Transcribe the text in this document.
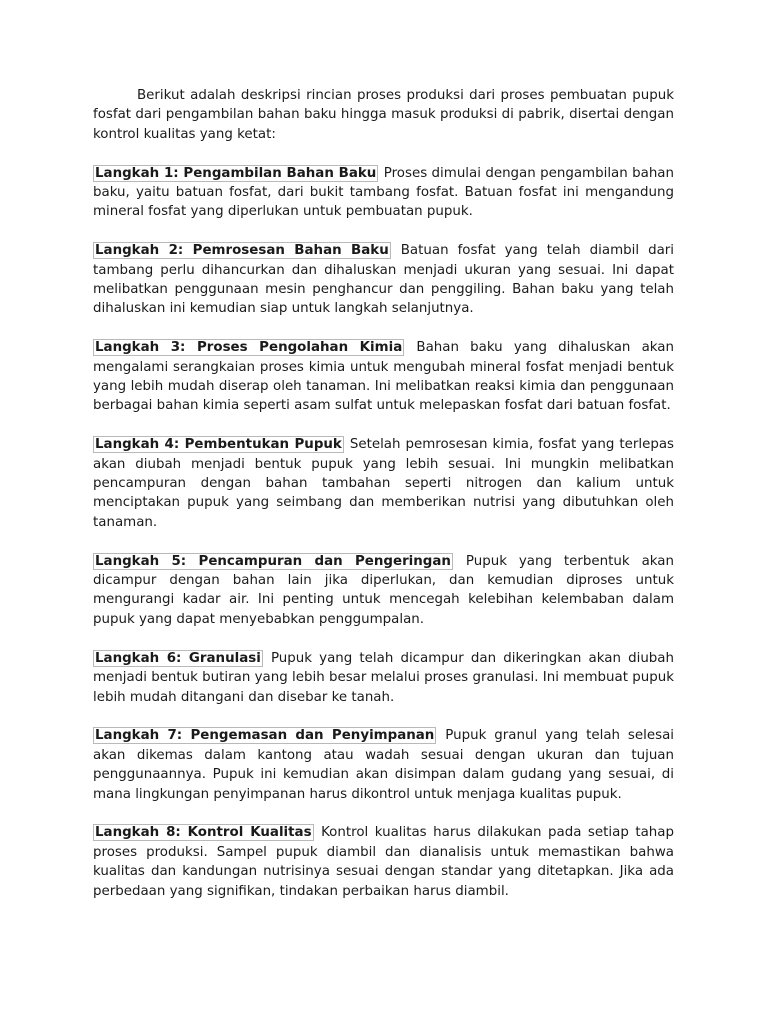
Berikut adalah deskripsi rincian proses produksi dari proses pembuatan pupuk fosfat dari pengambilan bahan baku hingga masuk produksi di pabrik, disertai dengan kontrol kualitas yang ketat:

Langkah 1: Pengambilan Bahan Baku Proses dimulai dengan pengambilan bahan baku, yaitu batuan fosfat, dari bukit tambang fosfat. Batuan fosfat ini mengandung mineral fosfat yang diperlukan untuk pembuatan pupuk.

Langkah 2: Pemrosesan Bahan Baku Batuan fosfat yang telah diambil dari tambang perlu dihancurkan dan dihaluskan menjadi ukuran yang sesuai. Ini dapat melibatkan penggunaan mesin penghancur dan penggiling. Bahan baku yang telah dihaluskan ini kemudian siap untuk langkah selanjutnya.

Langkah 3: Proses Pengolahan Kimia Bahan baku yang dihaluskan akan mengalami serangkaian proses kimia untuk mengubah mineral fosfat menjadi bentuk yang lebih mudah diserap oleh tanaman. Ini melibatkan reaksi kimia dan penggunaan berbagai bahan kimia seperti asam sulfat untuk melepaskan fosfat dari batuan fosfat.

Langkah 4: Pembentukan Pupuk Setelah pemrosesan kimia, fosfat yang terlepas akan diubah menjadi bentuk pupuk yang lebih sesuai. Ini mungkin melibatkan pencampuran dengan bahan tambahan seperti nitrogen dan kalium untuk menciptakan pupuk yang seimbang dan memberikan nutrisi yang dibutuhkan oleh tanaman.

Langkah 5: Pencampuran dan Pengeringan Pupuk yang terbentuk akan dicampur dengan bahan lain jika diperlukan, dan kemudian diproses untuk mengurangi kadar air. Ini penting untuk mencegah kelebihan kelembaban dalam pupuk yang dapat menyebabkan penggumpalan.

Langkah 6: Granulasi Pupuk yang telah dicampur dan dikeringkan akan diubah menjadi bentuk butiran yang lebih besar melalui proses granulasi. Ini membuat pupuk lebih mudah ditangani dan disebar ke tanah.

Langkah 7: Pengemasan dan Penyimpanan Pupuk granul yang telah selesai akan dikemas dalam kantong atau wadah sesuai dengan ukuran dan tujuan penggunaannya. Pupuk ini kemudian akan disimpan dalam gudang yang sesuai, di mana lingkungan penyimpanan harus dikontrol untuk menjaga kualitas pupuk.

Langkah 8: Kontrol Kualitas Kontrol kualitas harus dilakukan pada setiap tahap proses produksi. Sampel pupuk diambil dan dianalisis untuk memastikan bahwa kualitas dan kandungan nutrisinya sesuai dengan standar yang ditetapkan. Jika ada perbedaan yang signifikan, tindakan perbaikan harus diambil.
